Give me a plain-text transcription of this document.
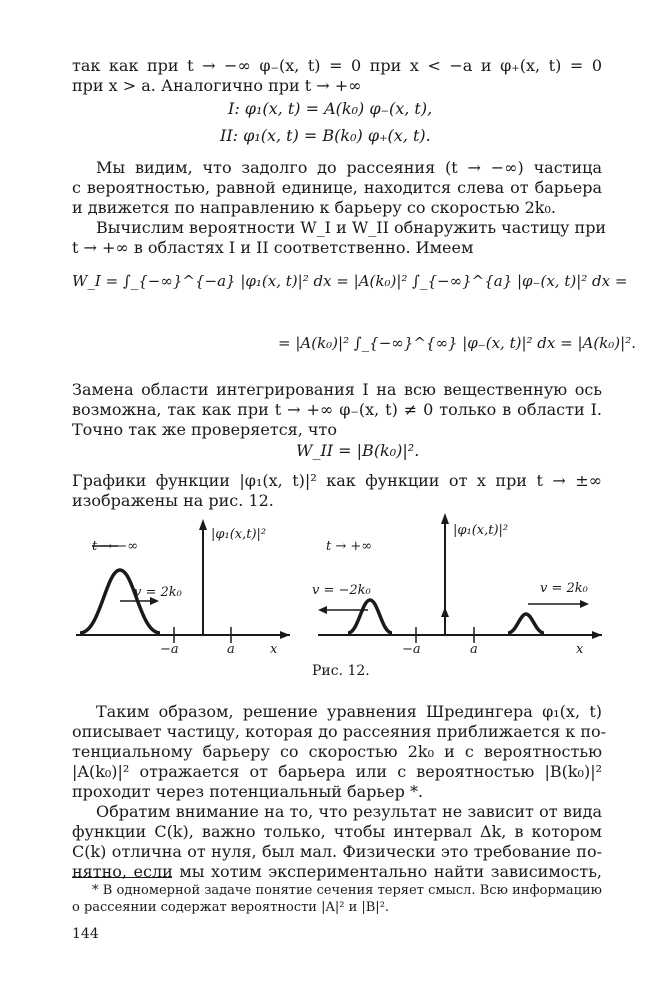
так как при t → −∞ φ₋(x, t) = 0 при x < −a и φ₊(x, t) = 0
при x > a. Аналогично при t → +∞
I: φ₁(x, t) = A(k₀) φ₋(x, t),
II: φ₁(x, t) = B(k₀) φ₊(x, t).
Мы видим, что задолго до рассеяния (t → −∞) частица
с вероятностью, равной единице, находится слева от барьера
и движется по направлению к барьеру со скоростью 2k₀.
Вычислим вероятности W_I и W_II обнаружить частицу при
t → +∞ в областях I и II соответственно. Имеем
W_I = ∫_{−∞}^{−a} |φ₁(x, t)|² dx = |A(k₀)|² ∫_{−∞}^{a} |φ₋(x, t)|² dx =
= |A(k₀)|² ∫_{−∞}^{∞} |φ₋(x, t)|² dx = |A(k₀)|².
Замена области интегрирования I на всю вещественную ось
возможна, так как при t → +∞ φ₋(x, t) ≠ 0 только в области I.
Точно так же проверяется, что
W_II = |B(k₀)|².
Графики функции |φ₁(x, t)|² как функции от x при t → ±∞
изображены на рис. 12.
t → −∞
|φ₁(x,t)|²
v = 2k₀
−a	a	x
t → +∞
|φ₁(x,t)|²
v = −2k₀	v = 2k₀
−a	a	x
Рис. 12.
Таким образом, решение уравнения Шредингера φ₁(x, t)
описывает частицу, которая до рассеяния приближается к по-
тенциальному барьеру со скоростью 2k₀ и с вероятностью
|A(k₀)|² отражается от барьера или с вероятностью |B(k₀)|²
проходит через потенциальный барьер *.
Обратим внимание на то, что результат не зависит от вида
функции C(k), важно только, чтобы интервал Δk, в котором
C(k) отлична от нуля, был мал. Физически это требование по-
нятно, если мы хотим экспериментально найти зависимость,
* В одномерной задаче понятие сечения теряет смысл. Всю информацию
о рассеянии содержат вероятности |A|² и |B|².
144
